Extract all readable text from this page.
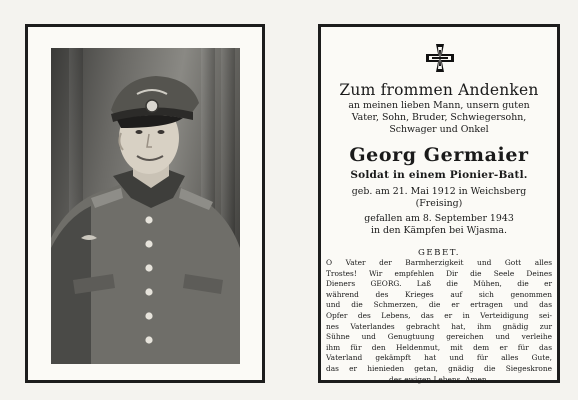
Zum frommen Andenken
an meinen lieben Mann, unsern guten
Vater, Sohn, Bruder, Schwiegersohn,
Schwager und Onkel
Georg Germaier
Soldat in einem Pionier-Batl.
geb. am 21. Mai 1912 in Weichsberg
(Freising)
gefallen am 8. September 1943
in den Kämpfen bei Wjasma.
GEBET.
O Vater der Barmherzigkeit und Gott alles
Trostes! Wir empfehlen Dir die Seele Deines
Dieners GEORG. Laß die Mühen, die er
während des Krieges auf sich genommen
und die Schmerzen, die er ertragen und das
Opfer des Lebens, das er in Verteidigung sei-
nes Vaterlandes gebracht hat, ihm gnädig zur
Sühne und Genugtuung gereichen und verleihe
ihm für den Heldenmut, mit dem er für das
Vaterland gekämpft hat und für alles Gute,
das er hienieden getan, gnädig die Siegeskrone
des ewigen Lebens. Amen.
